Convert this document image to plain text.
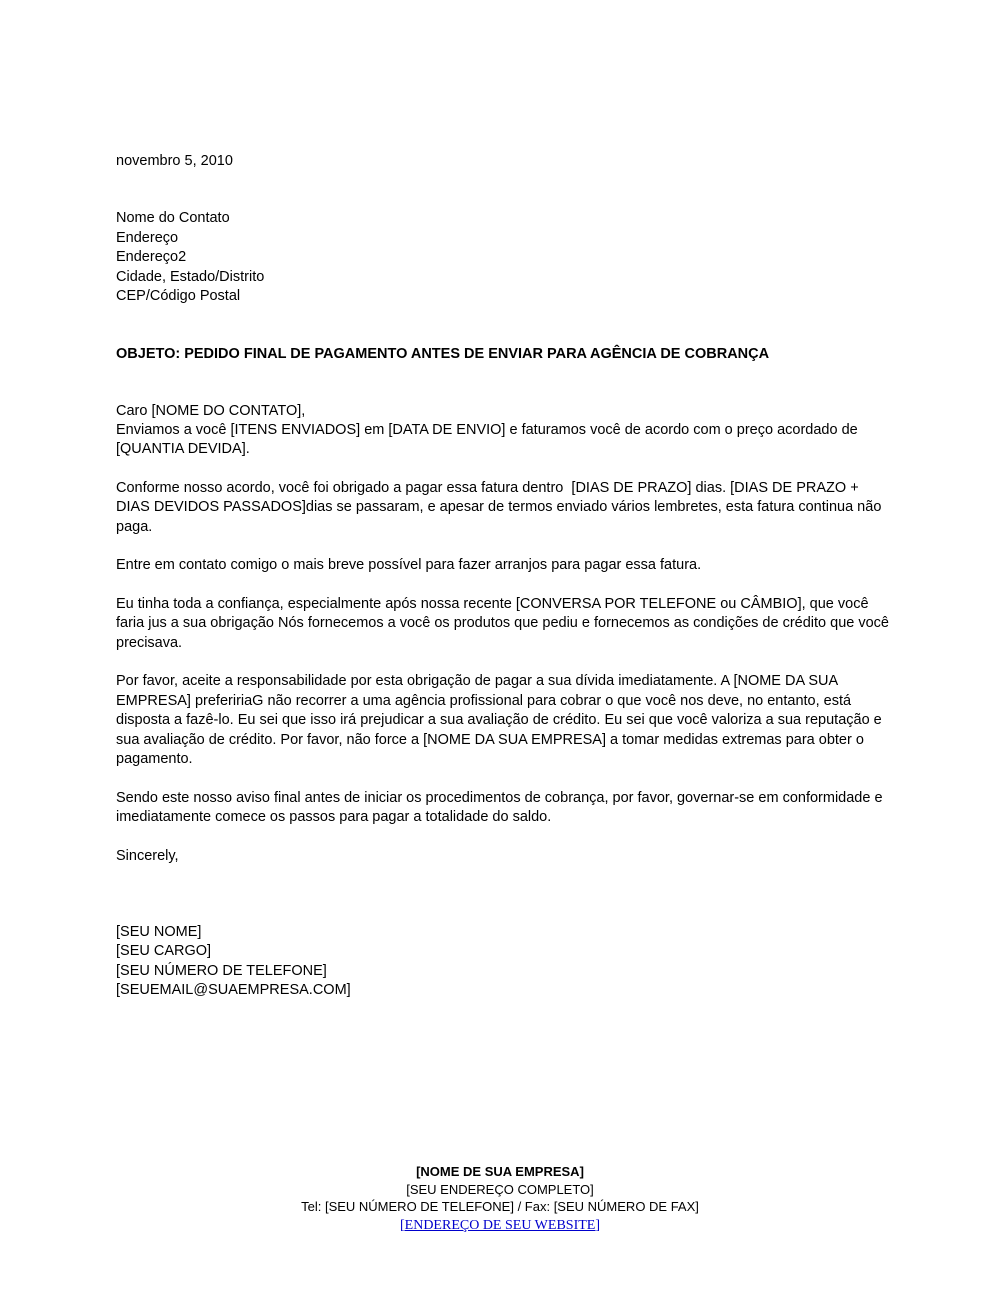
novembro 5, 2010
Nome do Contato
Endereço
Endereço2
Cidade, Estado/Distrito
CEP/Código Postal
OBJETO: PEDIDO FINAL DE PAGAMENTO ANTES DE ENVIAR PARA AGÊNCIA DE COBRANÇA
Caro [NOME DO CONTATO],

Enviamos a você [ITENS ENVIADOS] em [DATA DE ENVIO] e faturamos você de acordo com o preço acordado de [QUANTIA DEVIDA].

Conforme nosso acordo, você foi obrigado a pagar essa fatura dentro  [DIAS DE PRAZO] dias. [DIAS DE PRAZO + DIAS DEVIDOS PASSADOS]dias se passaram, e apesar de termos enviado vários lembretes, esta fatura continua não paga.

Entre em contato comigo o mais breve possível para fazer arranjos para pagar essa fatura.

Eu tinha toda a confiança, especialmente após nossa recente [CONVERSA POR TELEFONE ou CÂMBIO], que você faria jus a sua obrigação Nós fornecemos a você os produtos que pediu e fornecemos as condições de crédito que você precisava.

Por favor, aceite a responsabilidade por esta obrigação de pagar a sua dívida imediatamente. A [NOME DA SUA EMPRESA] prefeririaG não recorrer a uma agência profissional para cobrar o que você nos deve, no entanto, está disposta a fazê-lo. Eu sei que isso irá prejudicar a sua avaliação de crédito. Eu sei que você valoriza a sua reputação e sua avaliação de crédito. Por favor, não force a [NOME DA SUA EMPRESA] a tomar medidas extremas para obter o pagamento.

Sendo este nosso aviso final antes de iniciar os procedimentos de cobrança, por favor, governar-se em conformidade e imediatamente comece os passos para pagar a totalidade do saldo.

Sincerely,

[SEU NOME]
[SEU CARGO]
[SEU NÚMERO DE TELEFONE]
[SEUEMAIL@SUAEMPRESA.COM]
[NOME DE SUA EMPRESA]
[SEU ENDEREÇO COMPLETO]
Tel: [SEU NÚMERO DE TELEFONE] / Fax: [SEU NÚMERO DE FAX]
[ENDEREÇO DE SEU WEBSITE]
